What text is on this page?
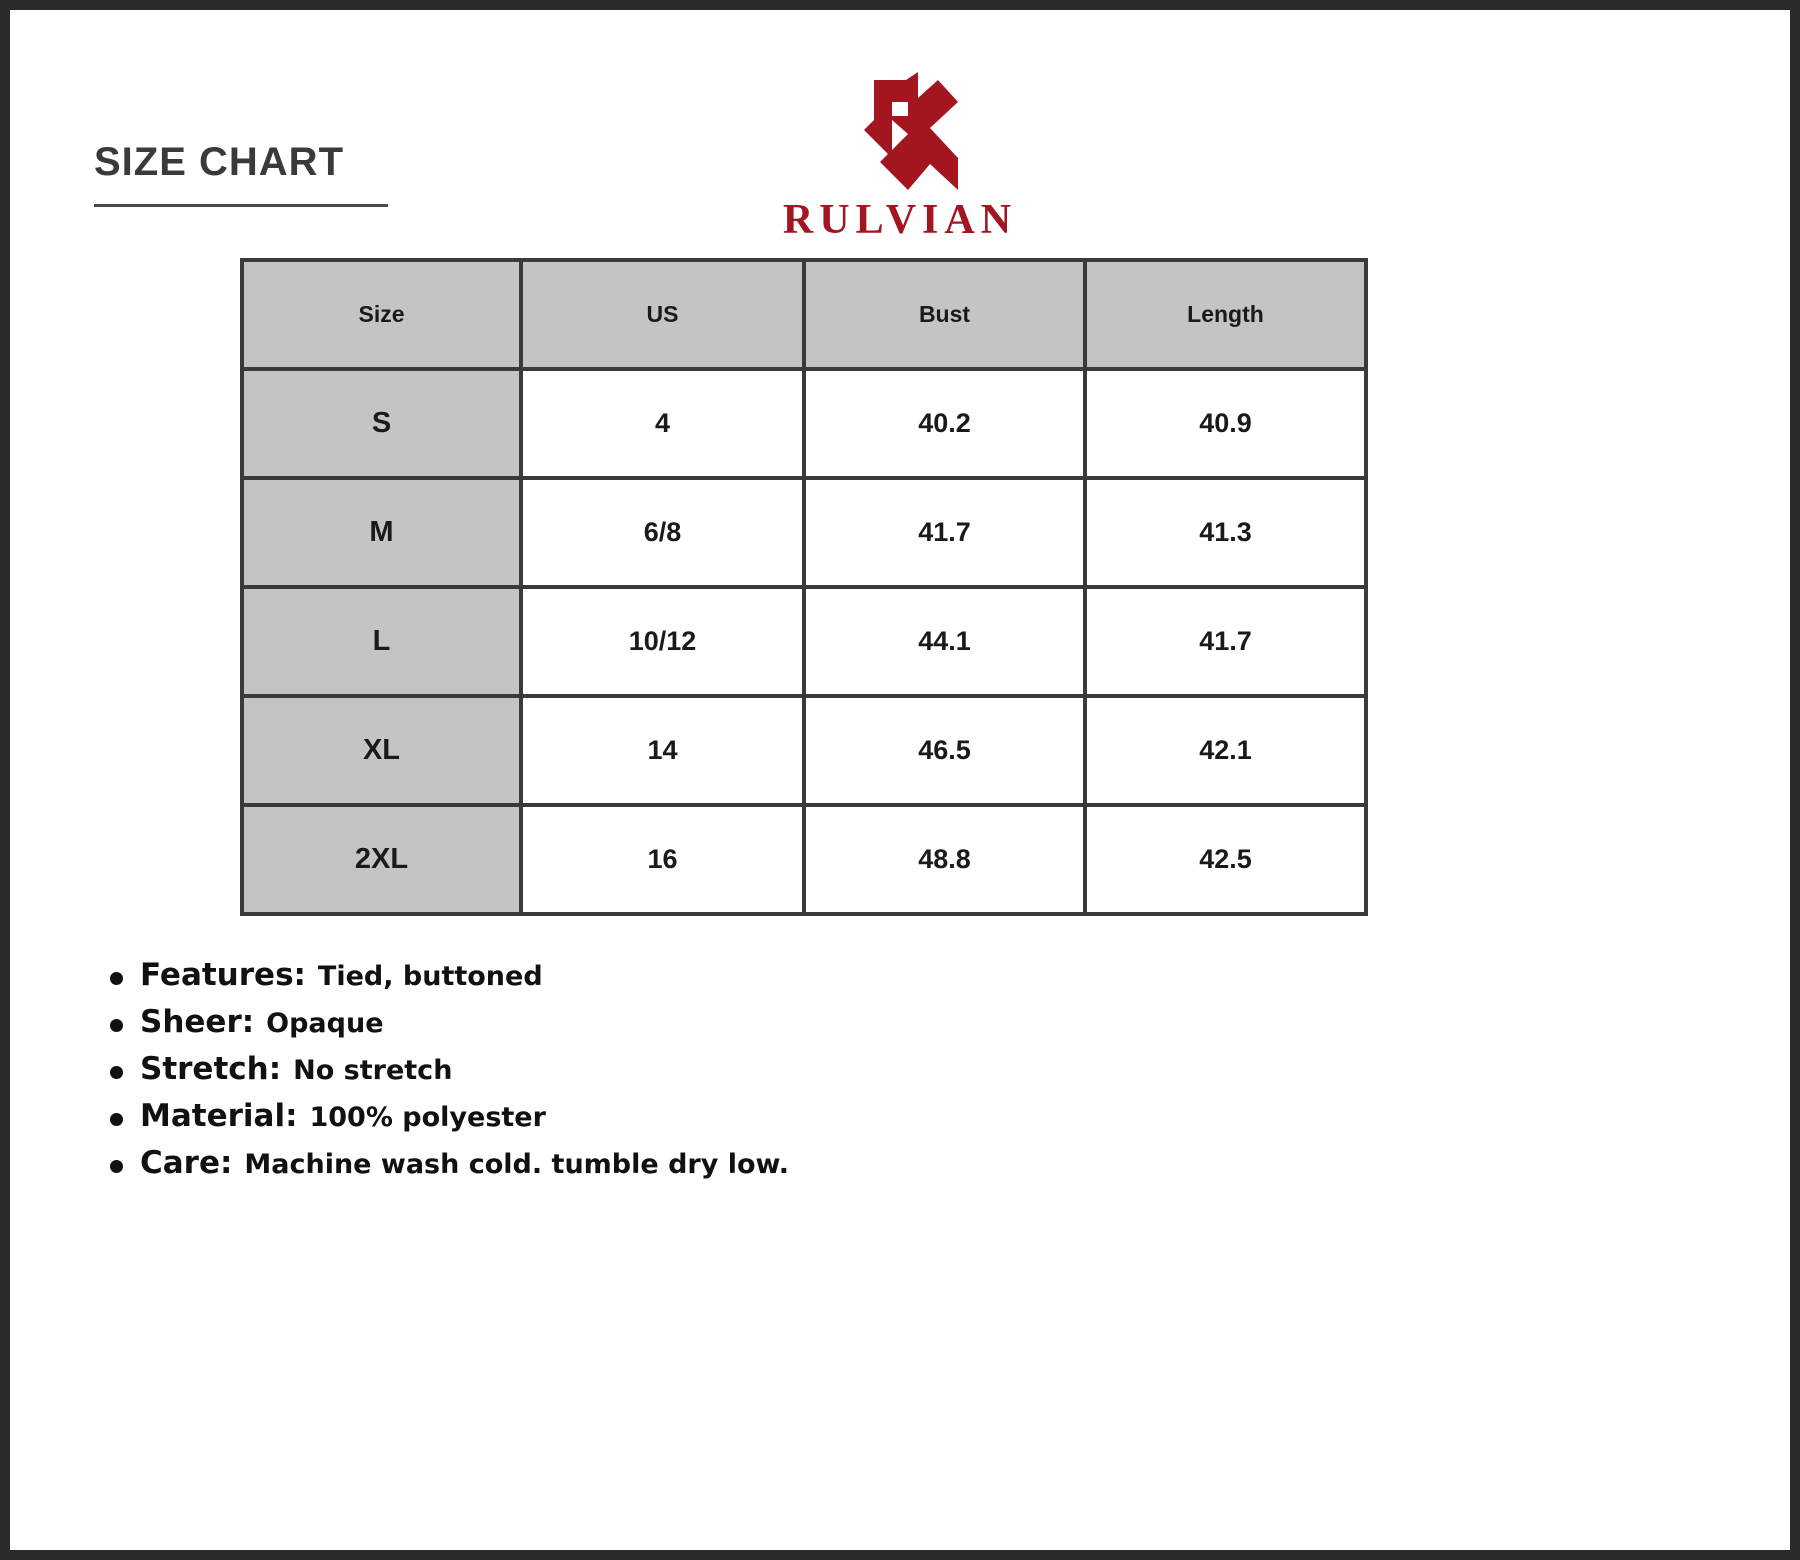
SIZE CHART
RULVIAN
Size	US	Bust	Length
S	4	40.2	40.9
M	6/8	41.7	41.3
L	10/12	44.1	41.7
XL	14	46.5	42.1
2XL	16	48.8	42.5
Features: Tied, buttoned
Sheer: Opaque
Stretch: No stretch
Material: 100% polyester
Care: Machine wash cold. tumble dry low.
